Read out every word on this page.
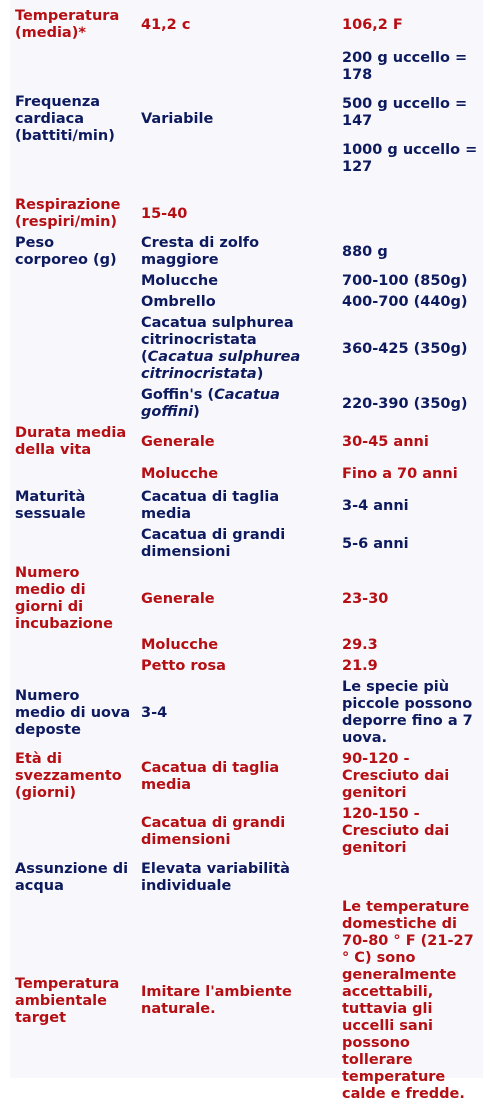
Temperatura (media)*	41,2 c	106,2 F
Frequenza cardiaca (battiti/min)	Variabile	200 g uccello = 178
		500 g uccello = 147
		1000 g uccello = 127
Respirazione (respiri/min)	15-40	
Peso corporeo (g)	Cresta di zolfo maggiore	880 g
	Molucche	700-100 (850g)
	Ombrello	400-700 (440g)
	Cacatua sulphurea citrinocristata (Cacatua sulphurea citrinocristata)	360-425 (350g)
	Goffin's (Cacatua goffini)	220-390 (350g)
Durata media della vita	Generale	30-45 anni
	Molucche	Fino a 70 anni
Maturità sessuale	Cacatua di taglia media	3-4 anni
	Cacatua di grandi dimensioni	5-6 anni
Numero medio di giorni di incubazione	Generale	23-30
	Molucche	29.3
	Petto rosa	21.9
Numero medio di uova deposte	3-4	Le specie più piccole possono deporre fino a 7 uova.
Età di svezzamento (giorni)	Cacatua di taglia media	90-120 - Cresciuto dai genitori
	Cacatua di grandi dimensioni	120-150 - Cresciuto dai genitori
Assunzione di acqua	Elevata variabilità individuale	
Temperatura ambientale target	Imitare l'ambiente naturale.	Le temperature domestiche di 70-80 ° F (21-27 ° C) sono generalmente accettabili, tuttavia gli uccelli sani possono tollerare temperature calde e fredde.
